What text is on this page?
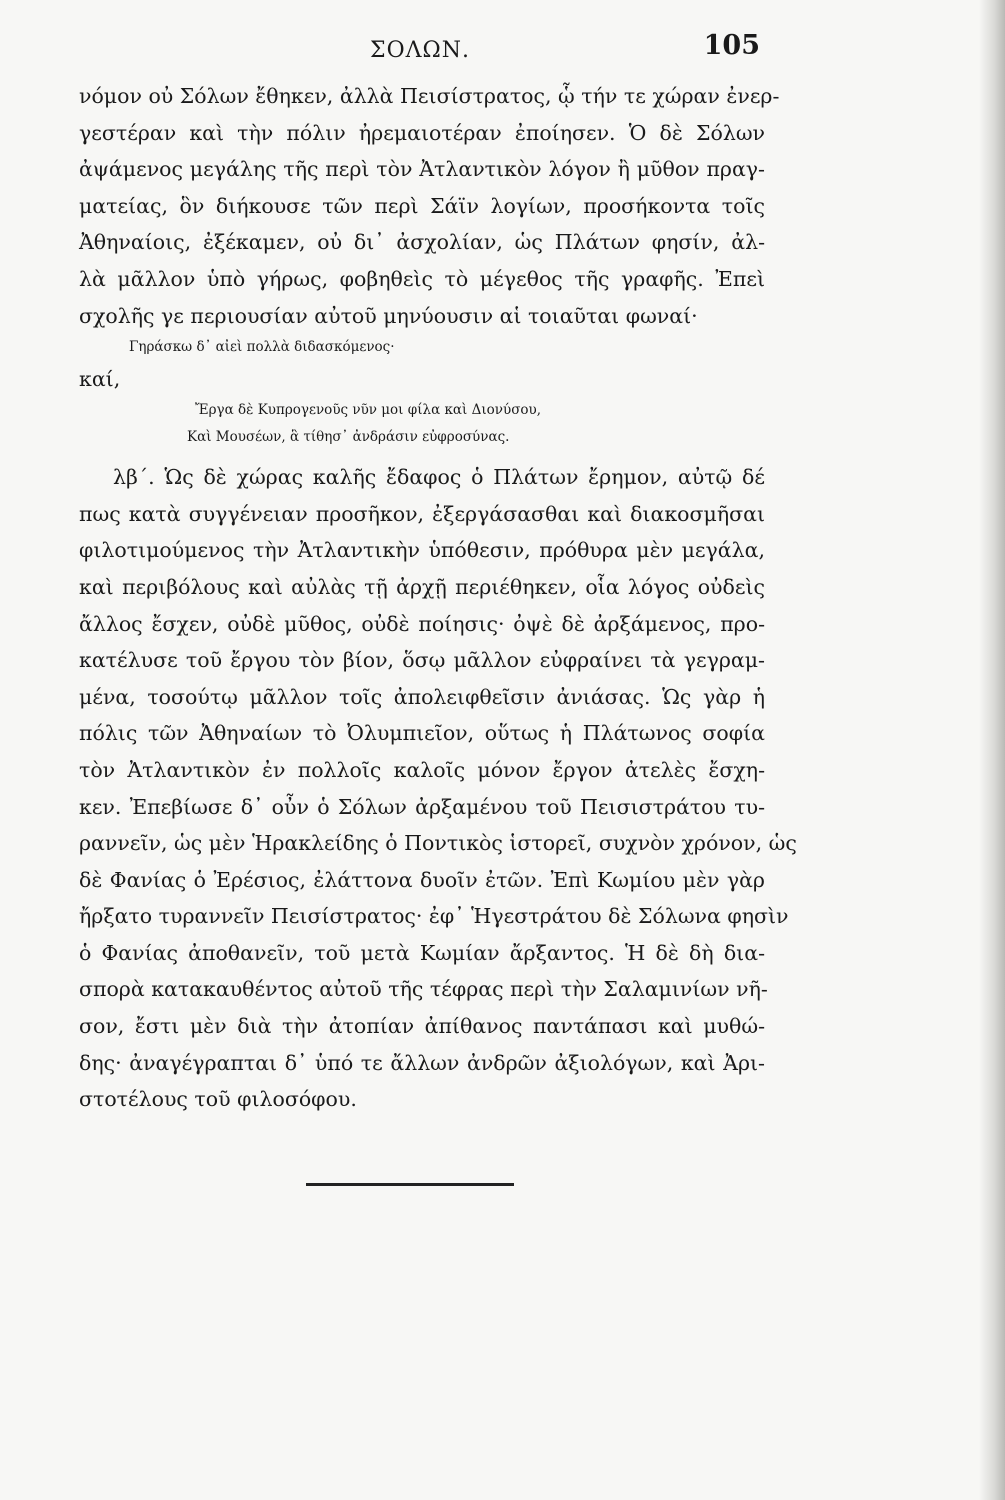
ΣΟΛΩΝ.	105
νόμον οὐ Σόλων ἔθηκεν, ἀλλὰ Πεισίστρατος, ᾧ τήν τε χώραν ἐνερ-
γεστέραν καὶ τὴν πόλιν ἠρεμαιοτέραν ἐποίησεν. Ὁ δὲ Σόλων
ἀψάμενος μεγάλης τῆς περὶ τὸν Ἀτλαντικὸν λόγον ἢ μῦθον πραγ-
ματείας, ὃν διήκουσε τῶν περὶ Σάϊν λογίων, προσήκοντα τοῖς
Ἀθηναίοις, ἐξέκαμεν, οὐ δι᾽ ἀσχολίαν, ὡς Πλάτων φησίν, ἀλ-
λὰ μᾶλλον ὑπὸ γήρως, φοβηθεὶς τὸ μέγεθος τῆς γραφῆς. Ἐπεὶ
σχολῆς γε περιουσίαν αὐτοῦ μηνύουσιν αἱ τοιαῦται φωναί·
Γηράσκω δ᾽ αἰεὶ πολλὰ διδασκόμενος·
καί,
Ἔργα δὲ Κυπρογενοῦς νῦν μοι φίλα καὶ Διονύσου,
Καὶ Μουσέων, ἃ τίθησ᾽ ἀνδράσιν εὐφροσύνας.
λβ΄. Ὡς δὲ χώρας καλῆς ἔδαφος ὁ Πλάτων ἔρημον, αὐτῷ δέ
πως κατὰ συγγένειαν προσῆκον, ἐξεργάσασθαι καὶ διακοσμῆσαι
φιλοτιμούμενος τὴν Ἀτλαντικὴν ὑπόθεσιν, πρόθυρα μὲν μεγάλα,
καὶ περιβόλους καὶ αὐλὰς τῇ ἀρχῇ περιέθηκεν, οἷα λόγος οὐδεὶς
ἄλλος ἔσχεν, οὐδὲ μῦθος, οὐδὲ ποίησις· ὀψὲ δὲ ἀρξάμενος, προ-
κατέλυσε τοῦ ἔργου τὸν βίον, ὅσῳ μᾶλλον εὐφραίνει τὰ γεγραμ-
μένα, τοσούτῳ μᾶλλον τοῖς ἀπολειφθεῖσιν ἀνιάσας. Ὡς γὰρ ἡ
πόλις τῶν Ἀθηναίων τὸ Ὀλυμπιεῖον, οὕτως ἡ Πλάτωνος σοφία
τὸν Ἀτλαντικὸν ἐν πολλοῖς καλοῖς μόνον ἔργον ἀτελὲς ἔσχη-
κεν. Ἐπεβίωσε δ᾽ οὖν ὁ Σόλων ἀρξαμένου τοῦ Πεισιστράτου τυ-
ραννεῖν, ὡς μὲν Ἡρακλείδης ὁ Ποντικὸς ἱστορεῖ, συχνὸν χρόνον, ὡς
δὲ Φανίας ὁ Ἐρέσιος, ἐλάττονα δυοῖν ἐτῶν. Ἐπὶ Κωμίου μὲν γὰρ
ἤρξατο τυραννεῖν Πεισίστρατος· ἐφ᾽ Ἡγεστράτου δὲ Σόλωνα φησὶν
ὁ Φανίας ἀποθανεῖν, τοῦ μετὰ Κωμίαν ἄρξαντος. Ἡ δὲ δὴ δια-
σπορὰ κατακαυθέντος αὐτοῦ τῆς τέφρας περὶ τὴν Σαλαμινίων νῆ-
σον, ἔστι μὲν διὰ τὴν ἀτοπίαν ἀπίθανος παντάπασι καὶ μυθώ-
δης· ἀναγέγραπται δ᾽ ὑπό τε ἄλλων ἀνδρῶν ἀξιολόγων, καὶ Ἀρι-
στοτέλους τοῦ φιλοσόφου.
